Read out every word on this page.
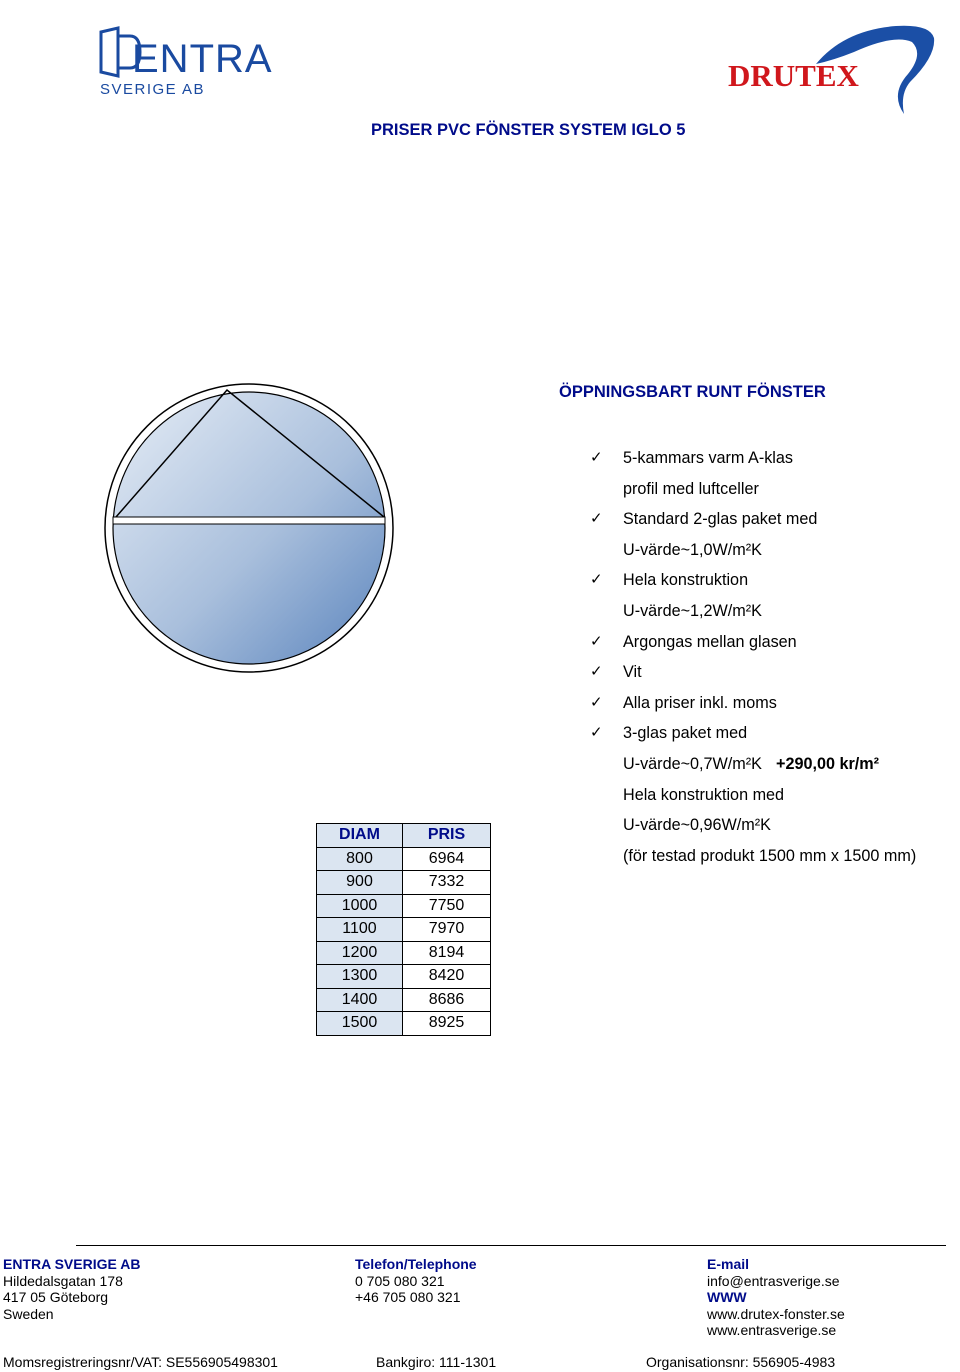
ENTRA
SVERIGE AB	DRUTEX
PRISER PVC FÖNSTER SYSTEM IGLO 5
ÖPPNINGSBART RUNT FÖNSTER
✓ 5-kammars varm A-klas
profil med luftceller
✓ Standard 2-glas paket med
U-värde~1,0W/m²K
✓ Hela konstruktion
U-värde~1,2W/m²K
✓ Argongas mellan glasen
✓ Vit
✓ Alla priser inkl. moms
✓ 3-glas paket med
U-värde~0,7W/m²K +290,00 kr/m²
Hela konstruktion med
U-värde~0,96W/m²K
(för testad produkt 1500 mm x 1500 mm)
DIAM	PRIS
800	6964
900	7332
1000	7750
1100	7970
1200	8194
1300	8420
1400	8686
1500	8925
ENTRA SVERIGE AB
Hildedalsgatan 178
417 05 Göteborg
Sweden
Telefon/Telephone
0 705 080 321
+46 705 080 321
E-mail
info@entrasverige.se
WWW
www.drutex-fonster.se
www.entrasverige.se
Momsregistreringsnr/VAT: SE556905498301	Bankgiro: 111-1301	Organisationsnr: 556905-4983
